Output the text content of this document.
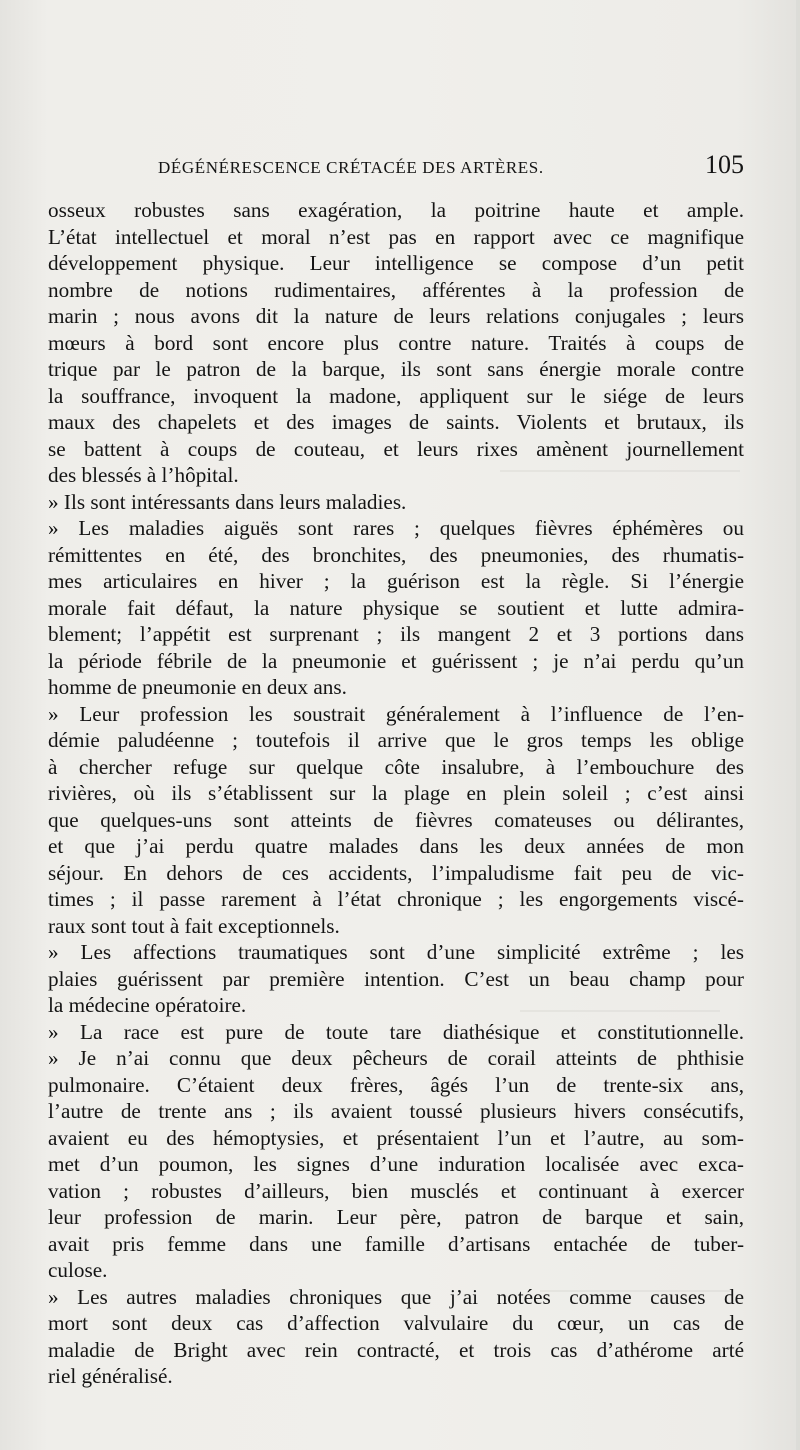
DÉGÉNÉRESCENCE CRÉTACÉE DES ARTÈRES.	105
osseux robustes sans exagération, la poitrine haute et ample.
L’état intellectuel et moral n’est pas en rapport avec ce magnifique
développement physique. Leur intelligence se compose d’un petit
nombre de notions rudimentaires, afférentes à la profession de
marin ; nous avons dit la nature de leurs relations conjugales ; leurs
mœurs à bord sont encore plus contre nature. Traités à coups de
trique par le patron de la barque, ils sont sans énergie morale contre
la souffrance, invoquent la madone, appliquent sur le siége de leurs
maux des chapelets et des images de saints. Violents et brutaux, ils
se battent à coups de couteau, et leurs rixes amènent journellement
des blessés à l’hôpital.
» Ils sont intéressants dans leurs maladies.
» Les maladies aiguës sont rares ; quelques fièvres éphémères ou
rémittentes en été, des bronchites, des pneumonies, des rhumatis-
mes articulaires en hiver ; la guérison est la règle. Si l’énergie
morale fait défaut, la nature physique se soutient et lutte admira-
blement; l’appétit est surprenant ; ils mangent 2 et 3 portions dans
la période fébrile de la pneumonie et guérissent ; je n’ai perdu qu’un
homme de pneumonie en deux ans.
» Leur profession les soustrait généralement à l’influence de l’en-
démie paludéenne ; toutefois il arrive que le gros temps les oblige
à chercher refuge sur quelque côte insalubre, à l’embouchure des
rivières, où ils s’établissent sur la plage en plein soleil ; c’est ainsi
que quelques-uns sont atteints de fièvres comateuses ou délirantes,
et que j’ai perdu quatre malades dans les deux années de mon
séjour. En dehors de ces accidents, l’impaludisme fait peu de vic-
times ; il passe rarement à l’état chronique ; les engorgements viscé-
raux sont tout à fait exceptionnels.
» Les affections traumatiques sont d’une simplicité extrême ; les
plaies guérissent par première intention. C’est un beau champ pour
la médecine opératoire.
» La race est pure de toute tare diathésique et constitutionnelle.
» Je n’ai connu que deux pêcheurs de corail atteints de phthisie
pulmonaire. C’étaient deux frères, âgés l’un de trente-six ans,
l’autre de trente ans ; ils avaient toussé plusieurs hivers consécutifs,
avaient eu des hémoptysies, et présentaient l’un et l’autre, au som-
met d’un poumon, les signes d’une induration localisée avec exca-
vation ; robustes d’ailleurs, bien musclés et continuant à exercer
leur profession de marin. Leur père, patron de barque et sain,
avait pris femme dans une famille d’artisans entachée de tuber-
culose.
» Les autres maladies chroniques que j’ai notées comme causes de
mort sont deux cas d’affection valvulaire du cœur, un cas de
maladie de Bright avec rein contracté, et trois cas d’athérome arté
riel généralisé.
